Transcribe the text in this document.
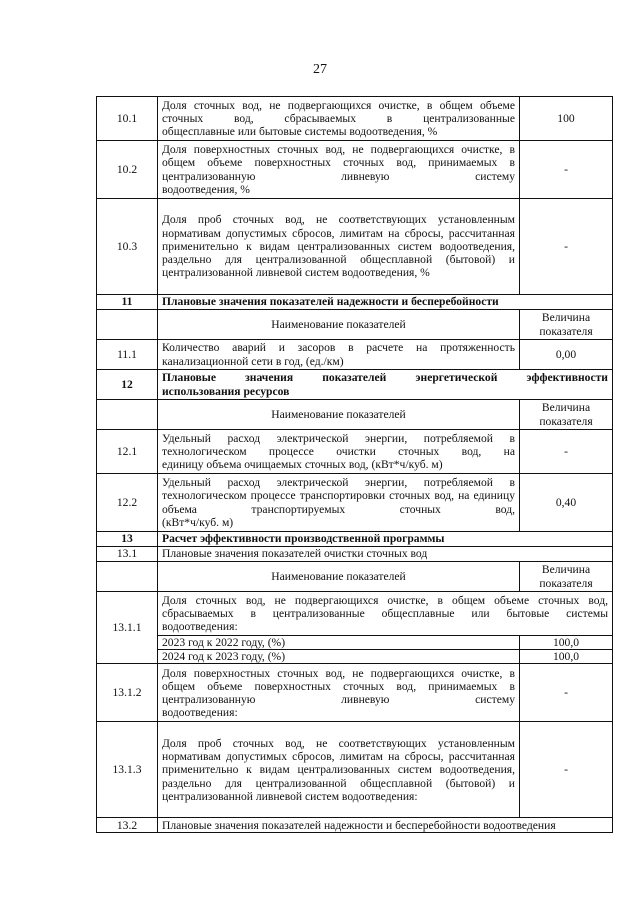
27
10.1	Доля сточных вод, не подвергающихся очистке, в общем объеме сточных вод, сбрасываемых в централизованные
общесплавные или бытовые системы водоотведения, %	100
10.2	Доля поверхностных сточных вод, не подвергающихся очистке, в общем объеме поверхностных сточных вод, принимаемых в централизованную ливневую систему
водоотведения, %	-
10.3	Доля проб сточных вод, не соответствующих установленным нормативам допустимых сбросов, лимитам на сбросы, рассчитанная применительно к видам централизованных систем водоотведения, раздельно для централизованной общесплавной (бытовой) и
централизованной ливневой систем водоотведения, %	-
11	Плановые значения показателей надежности и бесперебойности	
	Наименование показателей	Величина показателя
11.1	Количество аварий и засоров в расчете на протяженность
канализационной сети в год, (ед./км)	0,00
12	Плановые значения показателей энергетической эффективности
использования ресурсов	

	Наименование показателей	Величина показателя
12.1	Удельный расход электрической энергии, потребляемой в технологическом процессе очистки сточных вод, на
единицу объема очищаемых сточных вод, (кВт*ч/куб. м)	-
12.2	Удельный расход электрической энергии, потребляемой в технологическом процессе транспортировки сточных вод, на единицу объема транспортируемых сточных вод,
(кВт*ч/куб. м)	0,40
13	Расчет эффективности производственной программы	
13.1	Плановые значения показателей очистки сточных вод	
	Наименование показателей	Величина показателя
13.1.1	Доля сточных вод, не подвергающихся очистке, в общем объеме сточных вод, сбрасываемых в централизованные общесплавные или бытовые системы
водоотведения:	

	2023 год к 2022 году, (%)	100,0
	2024 год к 2023 году, (%)	100,0
13.1.2	Доля поверхностных сточных вод, не подвергающихся очистке, в общем объеме поверхностных сточных вод, принимаемых в централизованную ливневую систему
водоотведения:	-
13.1.3	Доля проб сточных вод, не соответствующих установленным нормативам допустимых сбросов, лимитам на сбросы, рассчитанная применительно к видам централизованных систем водоотведения, раздельно для централизованной общесплавной (бытовой) и
централизованной ливневой систем водоотведения:	-
13.2	Плановые значения показателей надежности и бесперебойности водоотведения	
